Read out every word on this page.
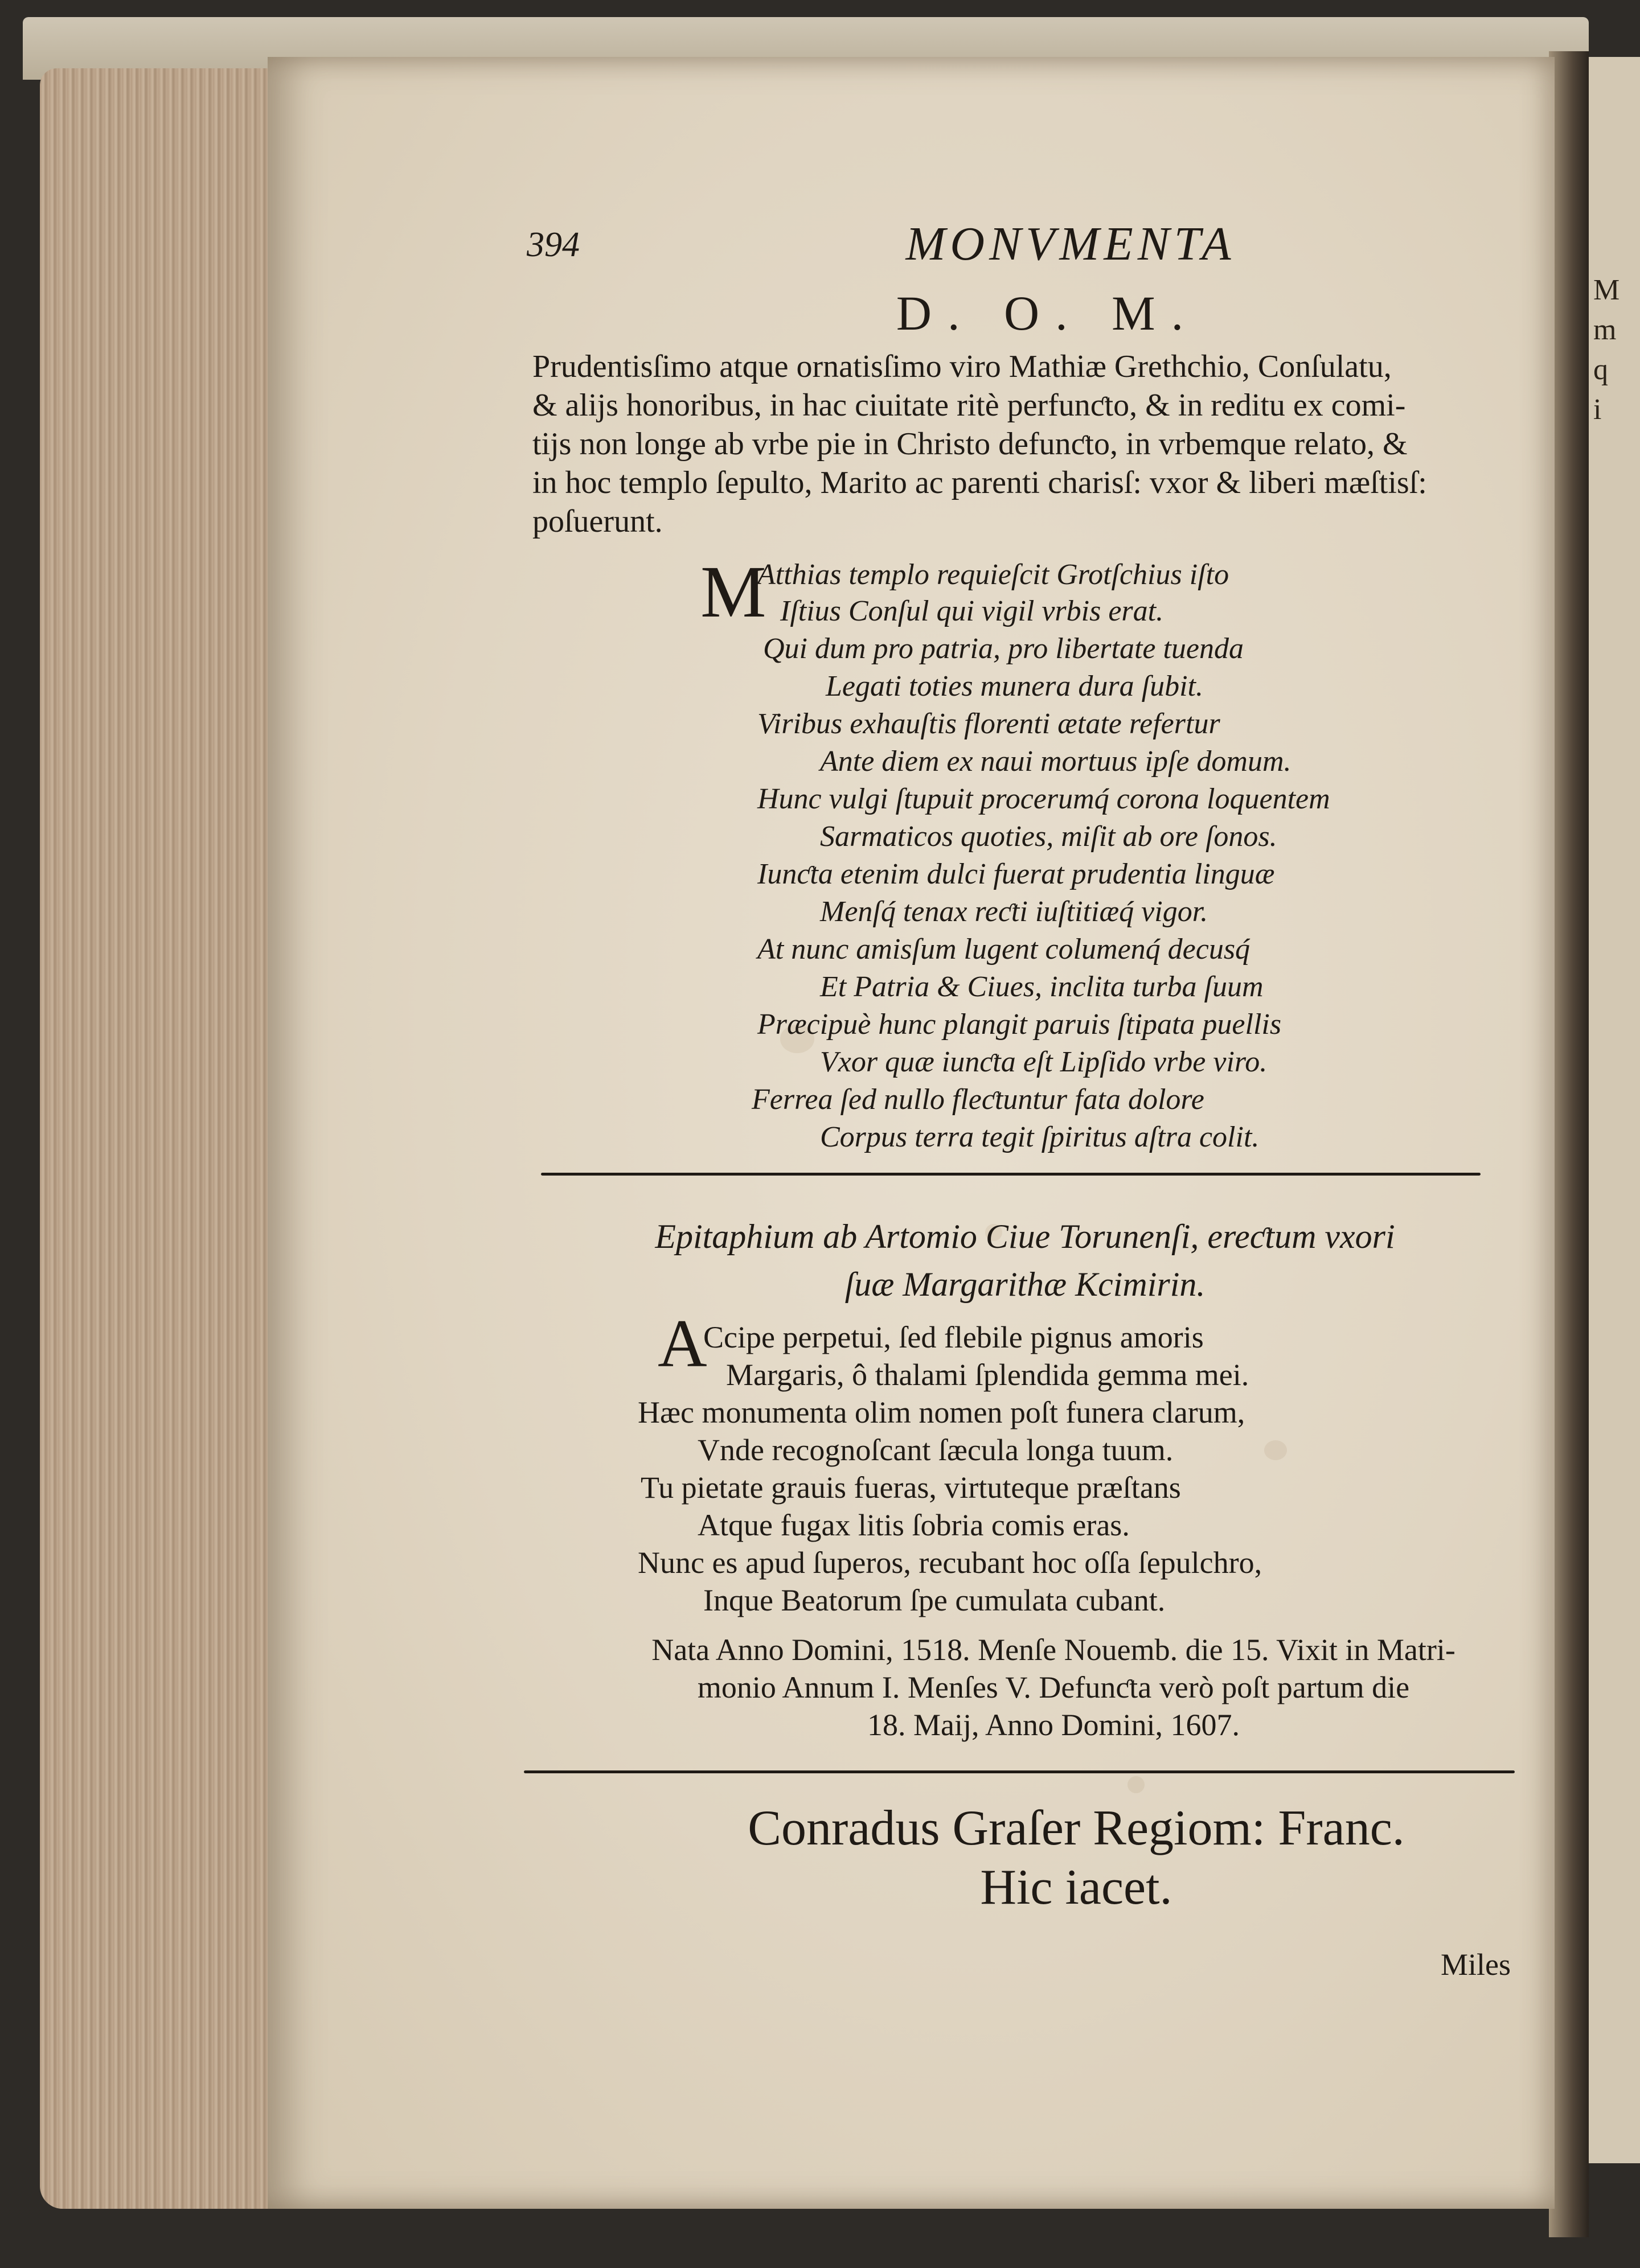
M
m
q
i
394	MONVMENTA
D. O. M.
Prudentisſimo atque ornatisſimo viro Mathiæ Grethchio, Conſulatu,
& alijs honoribus, in hac ciuitate ritè perfunƈto, & in reditu ex comi-
tijs non longe ab vrbe pie in Christo defunƈto, in vrbemque relato, &
in hoc templo ſepulto, Marito ac parenti charisſ: vxor & liberi mæſtisſ:
poſuerunt.
M
Atthias templo requieſcit Grotſchius iſto
Iſtius Conſul qui vigil vrbis erat.
Qui dum pro patria, pro libertate tuenda
Legati toties munera dura ſubit.
Viribus exhauſtis florenti ætate refertur
Ante diem ex naui mortuus ipſe domum.
Hunc vulgi ſtupuit procerumq́ corona loquentem
Sarmaticos quoties, miſit ab ore ſonos.
Iunƈta etenim dulci fuerat prudentia linguæ
Menſq́ tenax reƈti iuſtitiæq́ vigor.
At nunc amisſum lugent columenq́ decusq́
Et Patria & Ciues, inclita turba ſuum
Præcipuè hunc plangit paruis ſtipata puellis
Vxor quæ iunƈta eſt Lipſido vrbe viro.
Ferrea ſed nullo fleƈtuntur fata dolore
Corpus terra tegit ſpiritus aſtra colit.
Epitaphium ab Artomio Ciue Torunenſi, ereƈtum vxori
ſuæ Margarithæ Kcimirin.
A
Ccipe perpetui, ſed flebile pignus amoris
Margaris, ô thalami ſplendida gemma mei.
Hæc monumenta olim nomen poſt funera clarum,
Vnde recognoſcant ſæcula longa tuum.
Tu pietate grauis fueras, virtuteque præſtans
Atque fugax litis ſobria comis eras.
Nunc es apud ſuperos, recubant hoc oſſa ſepulchro,
Inque Beatorum ſpe cumulata cubant.
Nata Anno Domini, 1518. Menſe Nouemb. die 15. Vixit in Matri-
monio Annum I. Menſes V. Defunƈta verò poſt partum die
18. Maij, Anno Domini, 1607.
Conradus Graſer Regiom: Franc.
Hic iacet.
Miles
